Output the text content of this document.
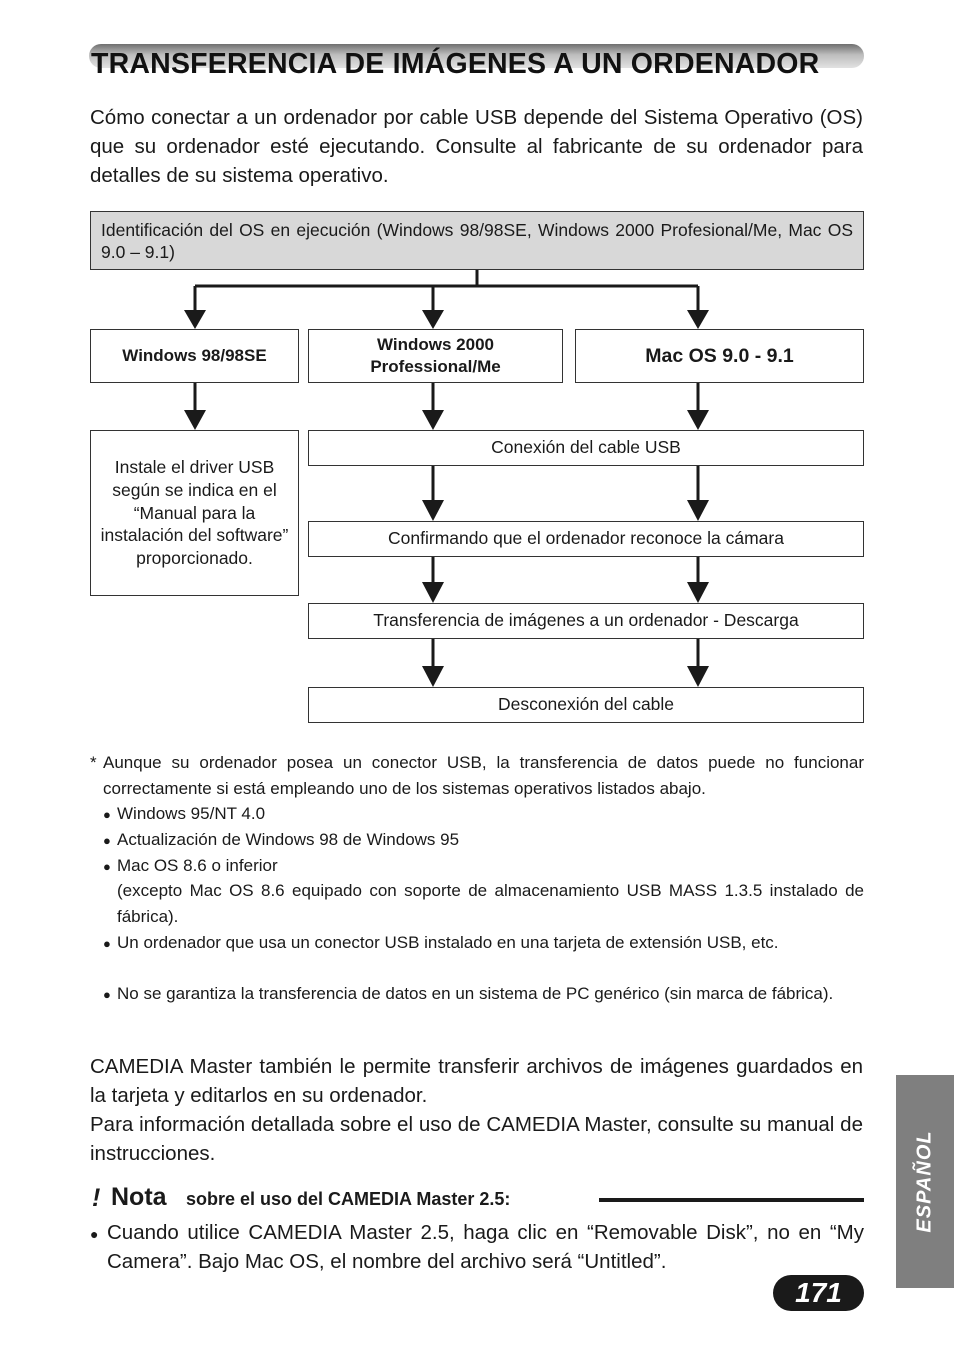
TRANSFERENCIA DE IMÁGENES A UN ORDENADOR
Cómo conectar a un ordenador por cable USB depende del Sistema Operativo (OS) que su ordenador esté ejecutando. Consulte al fabricante de su ordenador para detalles de su sistema operativo.
Identificación del OS en ejecución (Windows 98/98SE, Windows 2000 Profesional/Me, Mac OS 9.0 – 9.1)
Windows 98/98SE
Windows 2000
Professional/Me	Mac OS 9.0 - 9.1
Instale el driver USB según se indica en el “Manual para la instalación del software” proporcionado.
Conexión del cable USB
Confirmando que el ordenador reconoce la cámara
Transferencia de imágenes a un ordenador - Descarga
Desconexión del cable
* Aunque su ordenador posea un conector USB, la transferencia de datos puede no funcionar correctamente si está empleando uno de los sistemas operativos listados abajo.
● Windows 95/NT 4.0
● Actualización de Windows 98 de Windows 95
● Mac OS 8.6 o inferior
(excepto Mac OS 8.6 equipado con soporte de almacenamiento USB MASS 1.3.5 instalado de fábrica).
● Un ordenador que usa un conector USB instalado en una tarjeta de extensión USB, etc.
● No se garantiza la transferencia de datos en un sistema de PC genérico (sin marca de fábrica).
CAMEDIA Master también le permite transferir archivos de imágenes guardados en la tarjeta y editarlos en su ordenador.
Para información detallada sobre el uso de CAMEDIA Master, consulte su manual de instrucciones.
! Nota sobre el uso del CAMEDIA Master 2.5:
● Cuando utilice CAMEDIA Master 2.5, haga clic en “Removable Disk”, no en “My Camera”. Bajo Mac OS, el nombre del archivo será “Untitled”.
ESPAÑOL
171
